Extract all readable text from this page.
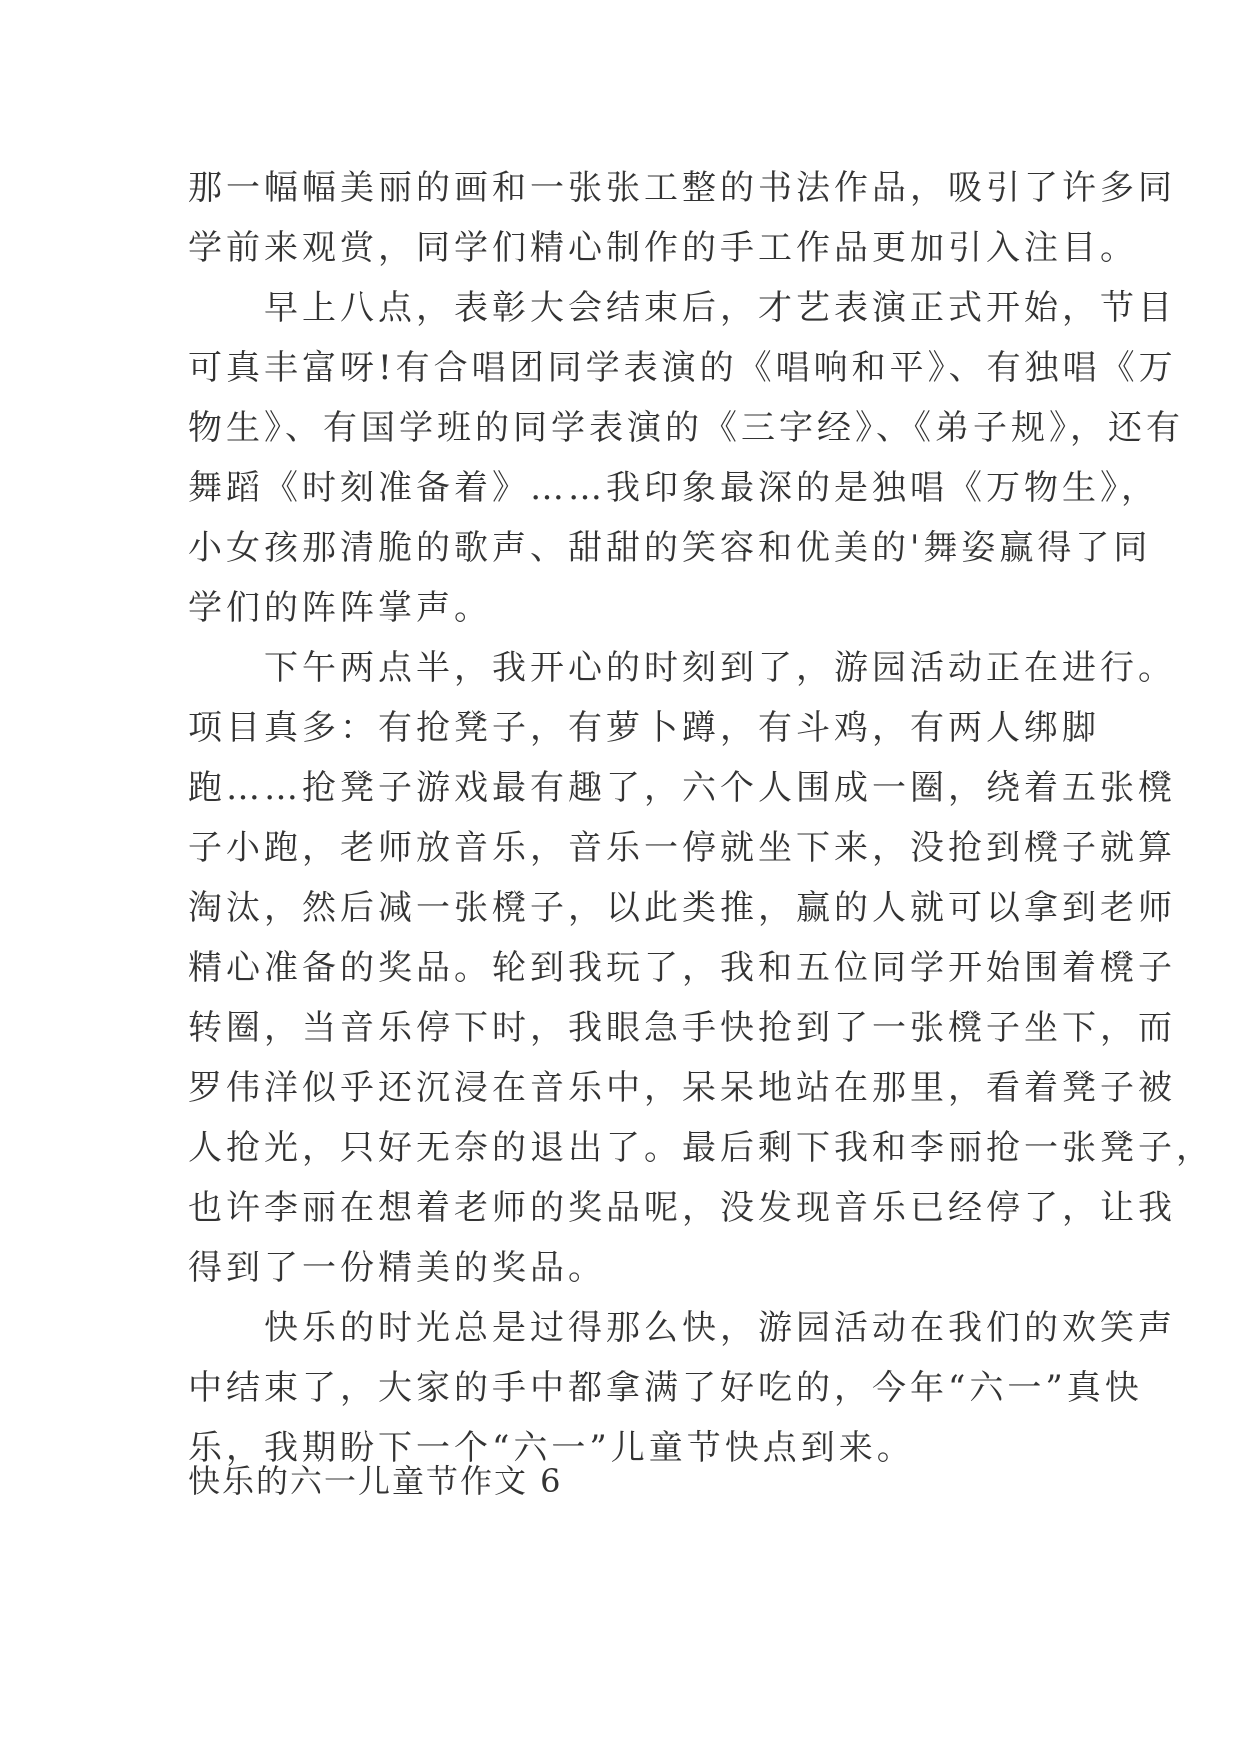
那一幅幅美丽的画和一张张工整的书法作品，吸引了许多同
学前来观赏，同学们精心制作的手工作品更加引入注目。
早上八点，表彰大会结束后，才艺表演正式开始，节目
可真丰富呀!有合唱团同学表演的《唱响和平》、有独唱《万
物生》、有国学班的同学表演的《三字经》、《弟子规》，还有
舞蹈《时刻准备着》……我印象最深的是独唱《万物生》，
小女孩那清脆的歌声、甜甜的笑容和优美的'舞姿赢得了同
学们的阵阵掌声。
下午两点半，我开心的时刻到了，游园活动正在进行。
项目真多：有抢凳子，有萝卜蹲，有斗鸡，有两人绑脚
跑……抢凳子游戏最有趣了，六个人围成一圈，绕着五张櫈
子小跑，老师放音乐，音乐一停就坐下来，没抢到櫈子就算
淘汰，然后减一张櫈子，以此类推，赢的人就可以拿到老师
精心准备的奖品。轮到我玩了，我和五位同学开始围着櫈子
转圈，当音乐停下时，我眼急手快抢到了一张櫈子坐下，而
罗伟洋似乎还沉浸在音乐中，呆呆地站在那里，看着凳子被
人抢光，只好无奈的退出了。最后剩下我和李丽抢一张凳子，
也许李丽在想着老师的奖品呢，没发现音乐已经停了，让我
得到了一份精美的奖品。
快乐的时光总是过得那么快，游园活动在我们的欢笑声
中结束了，大家的手中都拿满了好吃的，今年“六一”真快
乐，我期盼下一个“六一”儿童节快点到来。
快乐的六一儿童节作文 6
